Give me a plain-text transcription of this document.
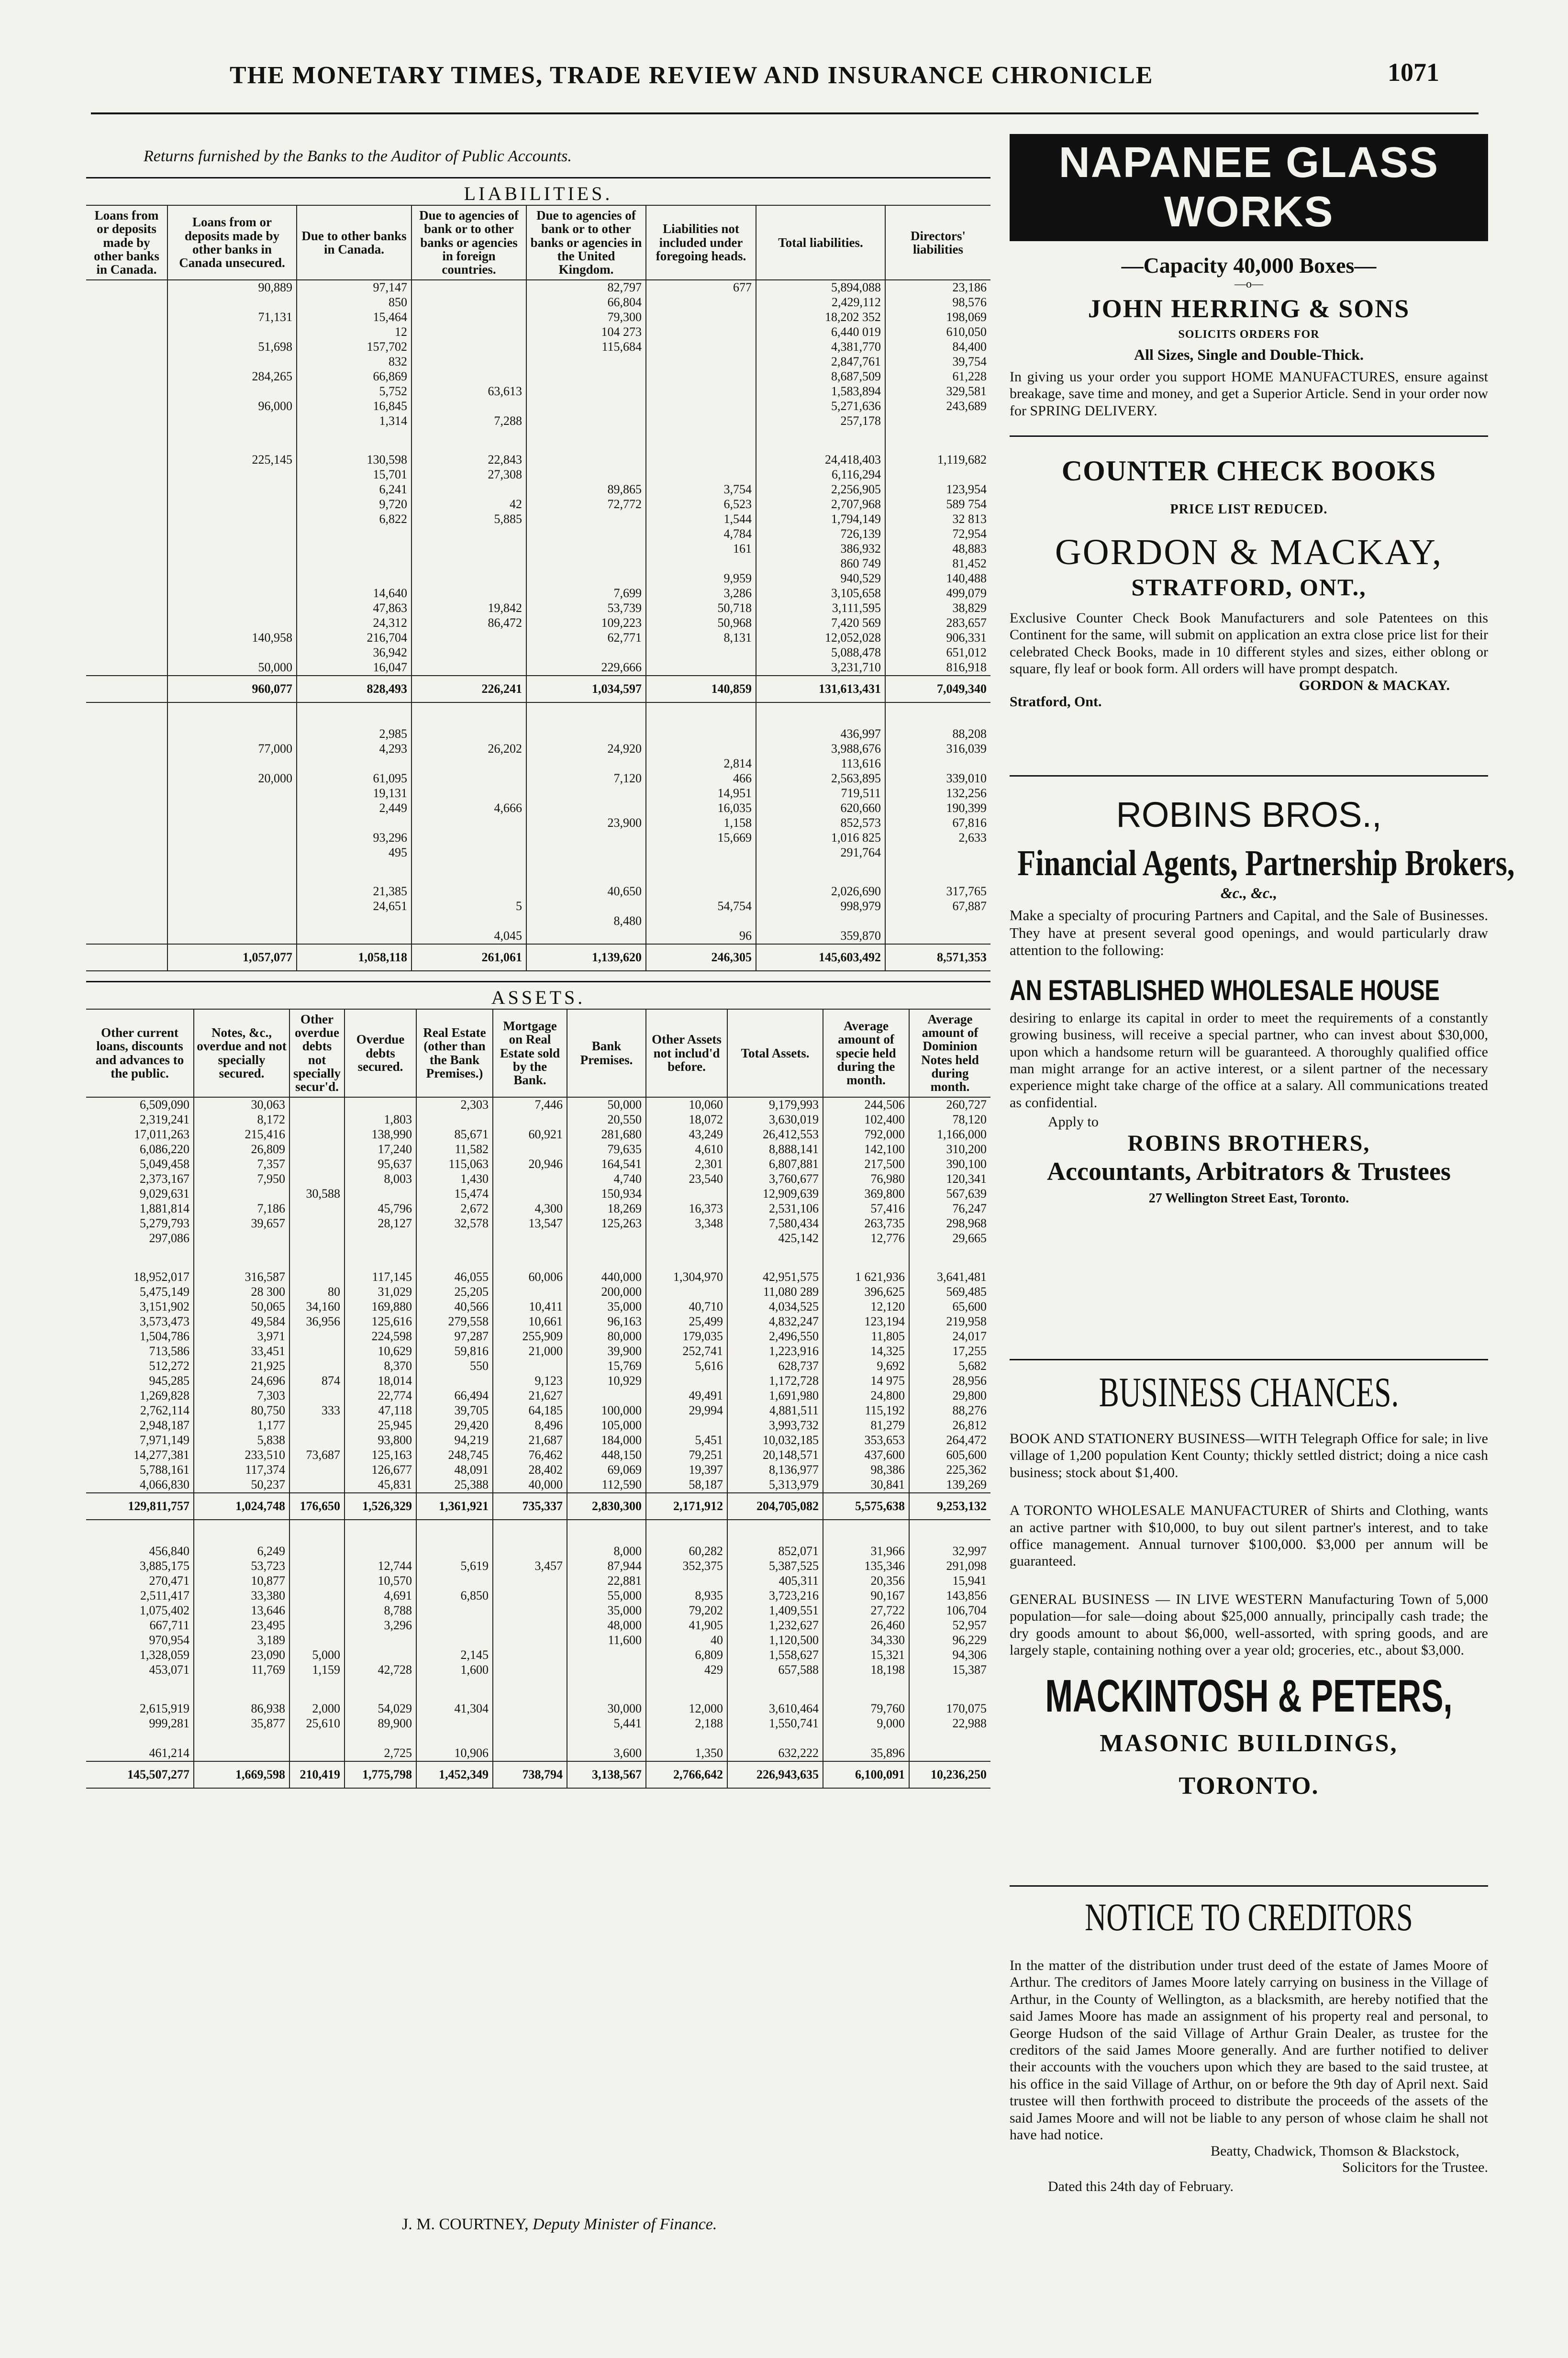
THE MONETARY TIMES, TRADE REVIEW AND INSURANCE CHRONICLE	1071
Returns furnished by the Banks to the Auditor of Public Accounts.
LIABILITIES.
Loans from or deposits made by other banks in Canada.	Loans from or deposits made by other banks in Canada unsecured.	Due to other banks in Canada.	Due to agencies of bank or to other banks or agencies in foreign countries.	Due to agencies of bank or to other banks or agencies in the United Kingdom.	Liabilities not included under foregoing heads.	Total liabilities.	Directors' liabilities
	90,889	97,147		82,797	677	5,894,088	23,186
		850		66,804		2,429,112	98,576
	71,131	15,464		79,300		18,202 352	198,069
		12		104 273		6,440 019	610,050
	51,698	157,702		115,684		4,381,770	84,400
		832				2,847,761	39,754
	284,265	66,869				8,687,509	61,228
		5,752	63,613			1,583,894	329,581
	96,000	16,845				5,271,636	243,689
		1,314	7,288			257,178	

	225,145	130,598	22,843			24,418,403	1,119,682
		15,701	27,308			6,116,294	
		6,241		89,865	3,754	2,256,905	123,954
		9,720	42	72,772	6,523	2,707,968	589 754
		6,822	5,885		1,544	1,794,149	32 813
					4,784	726,139	72,954
					161	386,932	48,883
						860 749	81,452
					9,959	940,529	140,488
		14,640		7,699	3,286	3,105,658	499,079
		47,863	19,842	53,739	50,718	3,111,595	38,829
		24,312	86,472	109,223	50,968	7,420 569	283,657
	140,958	216,704		62,771	8,131	12,052,028	906,331
		36,942				5,088,478	651,012
	50,000	16,047		229,666		3,231,710	816,918
	960,077	828,493	226,241	1,034,597	140,859	131,613,431	7,049,340

		2,985				436,997	88,208
	77,000	4,293	26,202	24,920		3,988,676	316,039
					2,814	113,616	
	20,000	61,095		7,120	466	2,563,895	339,010
		19,131			14,951	719,511	132,256
		2,449	4,666		16,035	620,660	190,399
				23,900	1,158	852,573	67,816
		93,296			15,669	1,016 825	2,633
		495				291,764	

		21,385		40,650		2,026,690	317,765
		24,651	5		54,754	998,979	67,887
				8,480			
			4,045		96	359,870	
	1,057,077	1,058,118	261,061	1,139,620	246,305	145,603,492	8,571,353
ASSETS.
Other current loans, discounts and advances to the public.	Notes, &c., overdue and not specially secured.	Other overdue debts not specially secur'd.	Overdue debts secured.	Real Estate (other than the Bank Premises.)	Mortgage on Real Estate sold by the Bank.	Bank Premises.	Other Assets not includ'd before.	Total Assets.	Average amount of specie held during the month.	Average amount of Dominion Notes held during month.
6,509,090	30,063			2,303	7,446	50,000	10,060	9,179,993	244,506	260,727
2,319,241	8,172		1,803			20,550	18,072	3,630,019	102,400	78,120
17,011,263	215,416		138,990	85,671	60,921	281,680	43,249	26,412,553	792,000	1,166,000
6,086,220	26,809		17,240	11,582		79,635	4,610	8,888,141	142,100	310,200
5,049,458	7,357		95,637	115,063	20,946	164,541	2,301	6,807,881	217,500	390,100
2,373,167	7,950		8,003	1,430		4,740	23,540	3,760,677	76,980	120,341
9,029,631		30,588		15,474		150,934		12,909,639	369,800	567,639
1,881,814	7,186		45,796	2,672	4,300	18,269	16,373	2,531,106	57,416	76,247
5,279,793	39,657		28,127	32,578	13,547	125,263	3,348	7,580,434	263,735	298,968
297,086								425,142	12,776	29,665

18,952,017	316,587		117,145	46,055	60,006	440,000	1,304,970	42,951,575	1 621,936	3,641,481
5,475,149	28 300	80	31,029	25,205		200,000		11,080 289	396,625	569,485
3,151,902	50,065	34,160	169,880	40,566	10,411	35,000	40,710	4,034,525	12,120	65,600
3,573,473	49,584	36,956	125,616	279,558	10,661	96,163	25,499	4,832,247	123,194	219,958
1,504,786	3,971		224,598	97,287	255,909	80,000	179,035	2,496,550	11,805	24,017
713,586	33,451		10,629	59,816	21,000	39,900	252,741	1,223,916	14,325	17,255
512,272	21,925		8,370	550		15,769	5,616	628,737	9,692	5,682
945,285	24,696	874	18,014		9,123	10,929		1,172,728	14 975	28,956
1,269,828	7,303		22,774	66,494	21,627		49,491	1,691,980	24,800	29,800
2,762,114	80,750	333	47,118	39,705	64,185	100,000	29,994	4,881,511	115,192	88,276
2,948,187	1,177		25,945	29,420	8,496	105,000		3,993,732	81,279	26,812
7,971,149	5,838		93,800	94,219	21,687	184,000	5,451	10,032,185	353,653	264,472
14,277,381	233,510	73,687	125,163	248,745	76,462	448,150	79,251	20,148,571	437,600	605,600
5,788,161	117,374		126,677	48,091	28,402	69,069	19,397	8,136,977	98,386	225,362
4,066,830	50,237		45,831	25,388	40,000	112,590	58,187	5,313,979	30,841	139,269
129,811,757	1,024,748	176,650	1,526,329	1,361,921	735,337	2,830,300	2,171,912	204,705,082	5,575,638	9,253,132

456,840	6,249					8,000	60,282	852,071	31,966	32,997
3,885,175	53,723		12,744	5,619	3,457	87,944	352,375	5,387,525	135,346	291,098
270,471	10,877		10,570			22,881		405,311	20,356	15,941
2,511,417	33,380		4,691	6,850		55,000	8,935	3,723,216	90,167	143,856
1,075,402	13,646		8,788			35,000	79,202	1,409,551	27,722	106,704
667,711	23,495		3,296			48,000	41,905	1,232,627	26,460	52,957
970,954	3,189					11,600	40	1,120,500	34,330	96,229
1,328,059	23,090	5,000		2,145			6,809	1,558,627	15,321	94,306
453,071	11,769	1,159	42,728	1,600			429	657,588	18,198	15,387

2,615,919	86,938	2,000	54,029	41,304		30,000	12,000	3,610,464	79,760	170,075
999,281	35,877	25,610	89,900			5,441	2,188	1,550,741	9,000	22,988

461,214			2,725	10,906		3,600	1,350	632,222	35,896	
145,507,277	1,669,598	210,419	1,775,798	1,452,349	738,794	3,138,567	2,766,642	226,943,635	6,100,091	10,236,250
J. M. COURTNEY, Deputy Minister of Finance.
NAPANEE GLASS WORKS
—Capacity 40,000 Boxes—
—o—
JOHN HERRING & SONS
SOLICITS ORDERS FOR
All Sizes, Single and Double-Thick.
In giving us your order you support HOME MANUFACTURES, ensure against breakage, save time and money, and get a Superior Article. Send in your order now for SPRING DELIVERY.
COUNTER CHECK BOOKS
PRICE LIST REDUCED.
GORDON & MACKAY,
STRATFORD, ONT.,
Exclusive Counter Check Book Manufacturers and sole Patentees on this Continent for the same, will submit on application an extra close price list for their celebrated Check Books, made in 10 different styles and sizes, either oblong or square, fly leaf or book form. All orders will have prompt despatch.
GORDON & MACKAY.
Stratford, Ont.
ROBINS BROS.,
Financial Agents, Partnership Brokers,
&c., &c.,
Make a specialty of procuring Partners and Capital, and the Sale of Businesses. They have at present several good openings, and would particularly draw attention to the following:
AN ESTABLISHED WHOLESALE HOUSE
desiring to enlarge its capital in order to meet the requirements of a constantly growing business, will receive a special partner, who can invest about $30,000, upon which a handsome return will be guaranteed. A thoroughly qualified office man might arrange for an active interest, or a silent partner of the necessary experience might take charge of the office at a salary. All communications treated as confidential.
Apply to
ROBINS BROTHERS,
Accountants, Arbitrators & Trustees
27 Wellington Street East, Toronto.
BUSINESS CHANCES.
BOOK AND STATIONERY BUSINESS—WITH Telegraph Office for sale; in live village of 1,200 population Kent County; thickly settled district; doing a nice cash business; stock about $1,400.
A TORONTO WHOLESALE MANUFACTURER of Shirts and Clothing, wants an active partner with $10,000, to buy out silent partner's interest, and to take office management. Annual turnover $100,000. $3,000 per annum will be guaranteed.
GENERAL BUSINESS — IN LIVE WESTERN Manufacturing Town of 5,000 population—for sale—doing about $25,000 annually, principally cash trade; the dry goods amount to about $6,000, well-assorted, with spring goods, and are largely staple, containing nothing over a year old; groceries, etc., about $3,000.
MACKINTOSH & PETERS,
MASONIC BUILDINGS,
TORONTO.
NOTICE TO CREDITORS
In the matter of the distribution under trust deed of the estate of James Moore of Arthur. The creditors of James Moore lately carrying on business in the Village of Arthur, in the County of Wellington, as a blacksmith, are hereby notified that the said James Moore has made an assignment of his property real and personal, to George Hudson of the said Village of Arthur Grain Dealer, as trustee for the creditors of the said James Moore generally. And are further notified to deliver their accounts with the vouchers upon which they are based to the said trustee, at his office in the said Village of Arthur, on or before the 9th day of April next. Said trustee will then forthwith proceed to distribute the proceeds of the assets of the said James Moore and will not be liable to any person of whose claim he shall not have had notice.
Beatty, Chadwick, Thomson & Blackstock,
Solicitors for the Trustee.
Dated this 24th day of February.
